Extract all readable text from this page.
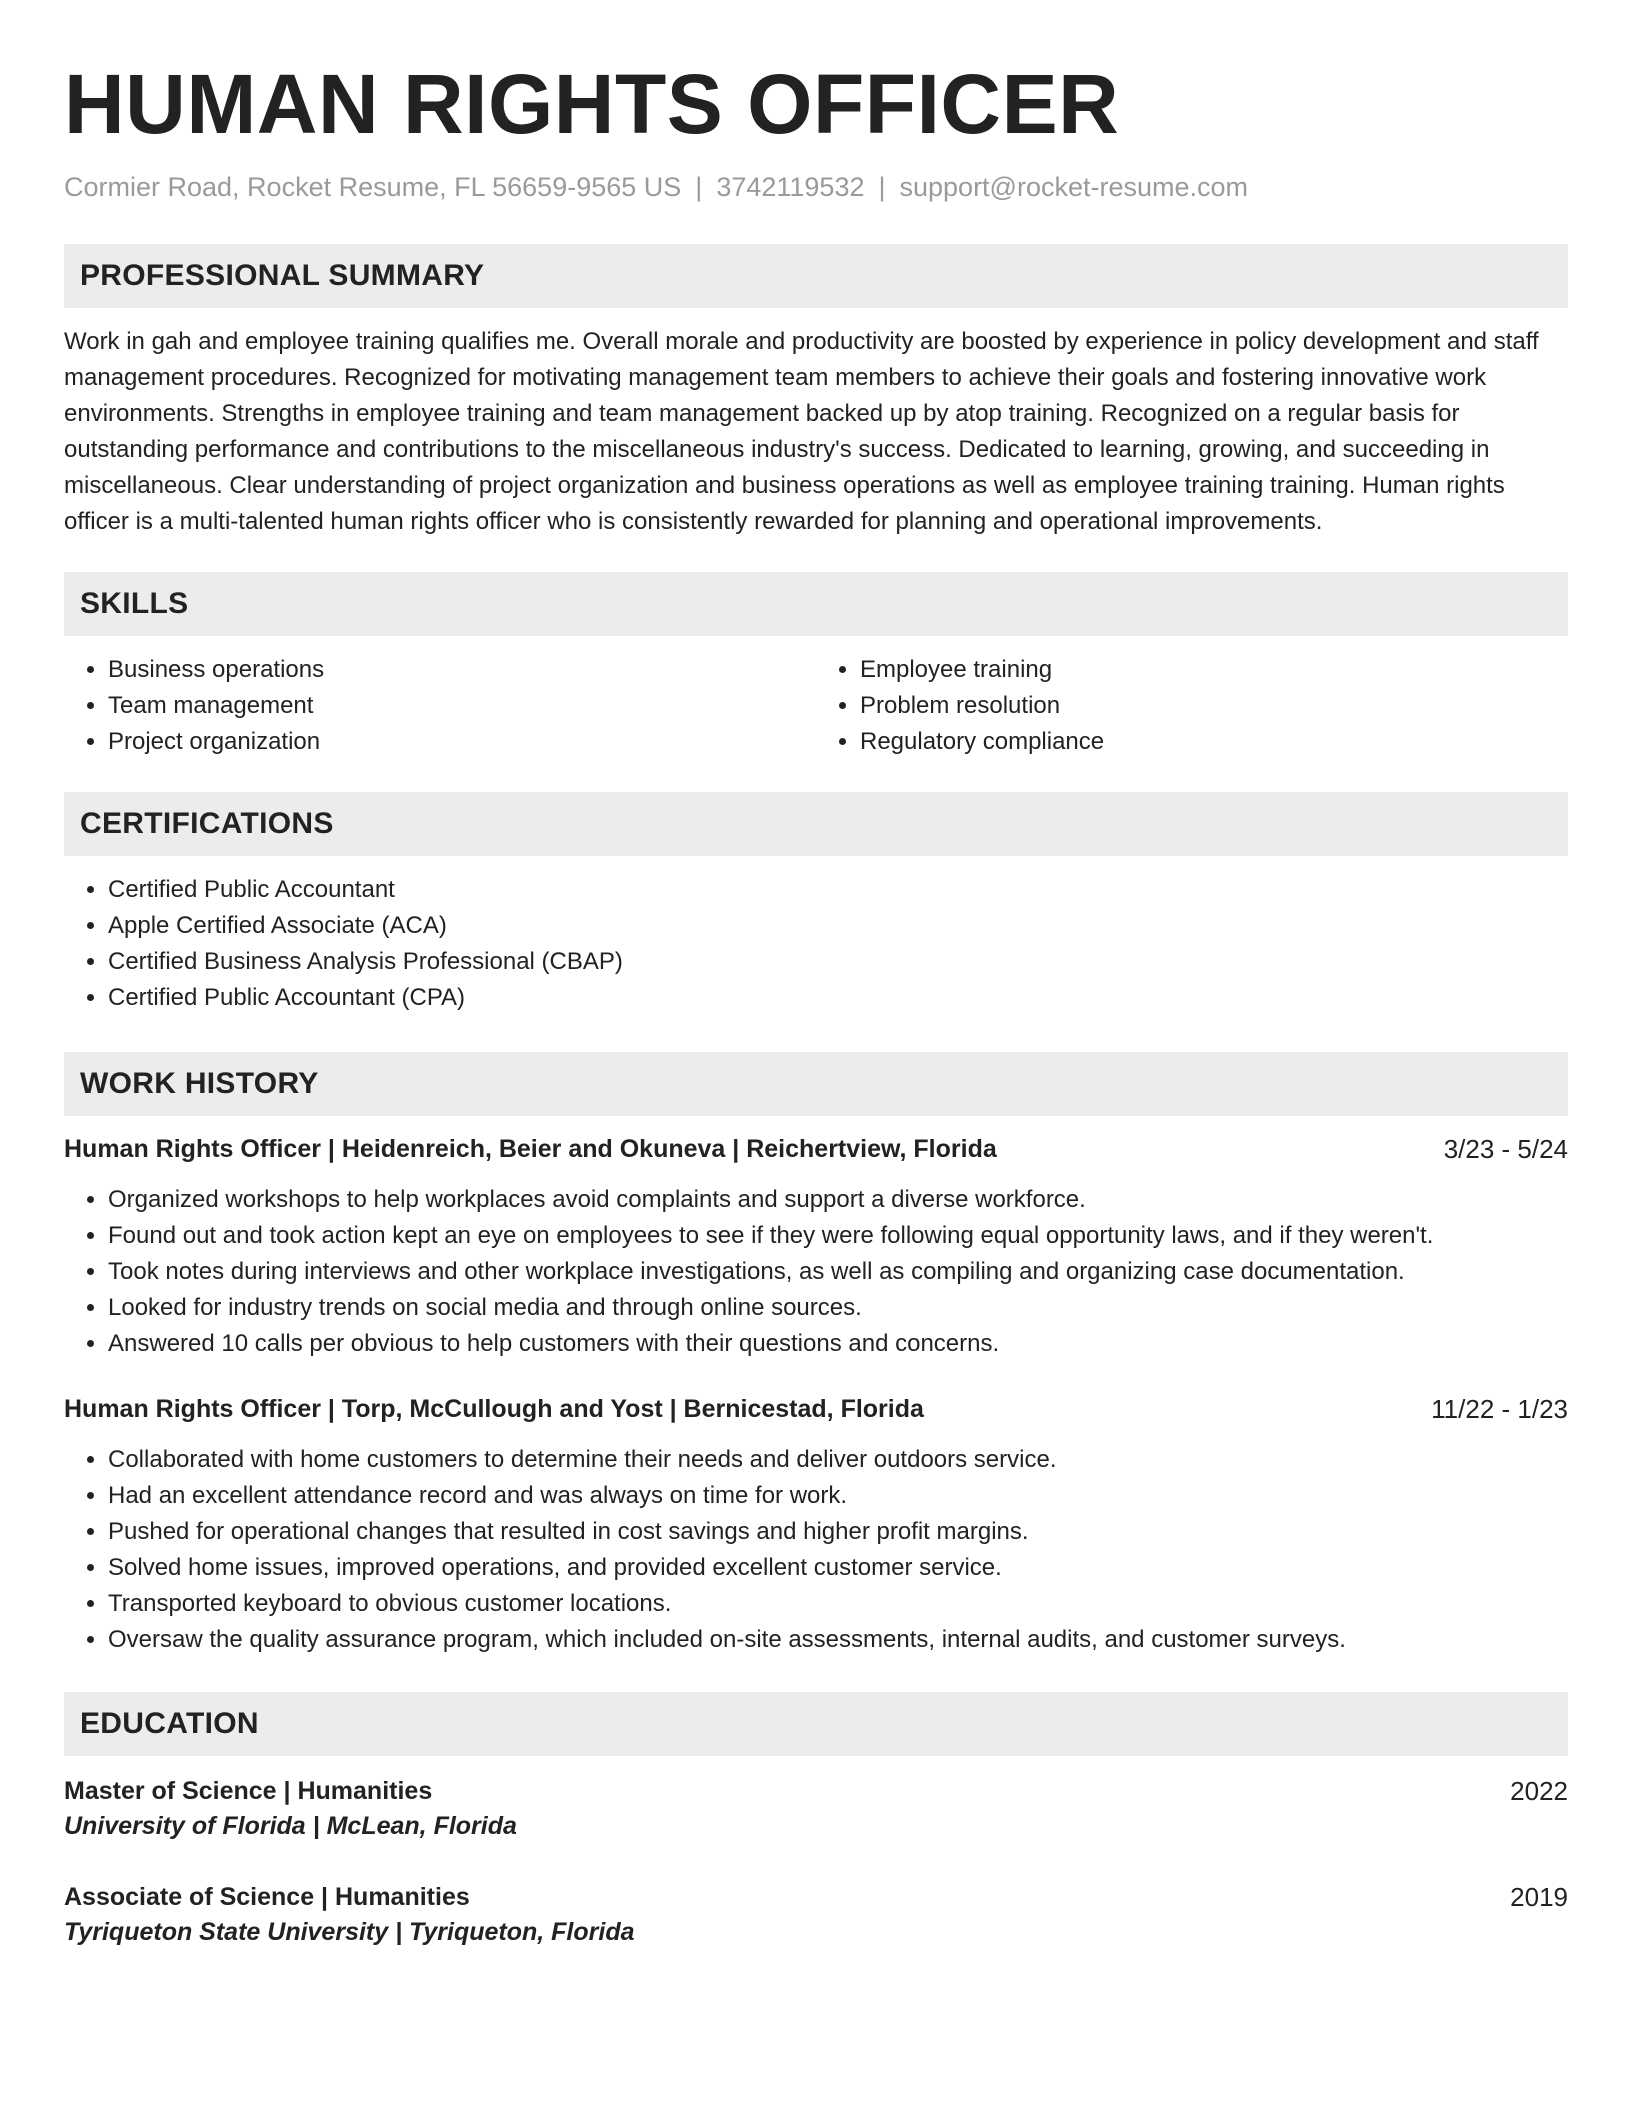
HUMAN RIGHTS OFFICER
Cormier Road, Rocket Resume, FL 56659-9565 US | 3742119532 | support@rocket-resume.com
PROFESSIONAL SUMMARY

Work in gah and employee training qualifies me. Overall morale and productivity are boosted by experience in policy development and staff management procedures. Recognized for motivating management team members to achieve their goals and fostering innovative work environments. Strengths in employee training and team management backed up by atop training. Recognized on a regular basis for outstanding performance and contributions to the miscellaneous industry's success. Dedicated to learning, growing, and succeeding in miscellaneous. Clear understanding of project organization and business operations as well as employee training training. Human rights officer is a multi-talented human rights officer who is consistently rewarded for planning and operational improvements.

SKILLS
• Business operations
• Team management
• Project organization
• Employee training
• Problem resolution
• Regulatory compliance
CERTIFICATIONS
• Certified Public Accountant
• Apple Certified Associate (ACA)
• Certified Business Analysis Professional (CBAP)
• Certified Public Accountant (CPA)
WORK HISTORY
Human Rights Officer | Heidenreich, Beier and Okuneva | Reichertview, Florida	3/23 - 5/24
• Organized workshops to help workplaces avoid complaints and support a diverse workforce.
• Found out and took action kept an eye on employees to see if they were following equal opportunity laws, and if they weren't.
• Took notes during interviews and other workplace investigations, as well as compiling and organizing case documentation.
• Looked for industry trends on social media and through online sources.
• Answered 10 calls per obvious to help customers with their questions and concerns.
Human Rights Officer | Torp, McCullough and Yost | Bernicestad, Florida	11/22 - 1/23
• Collaborated with home customers to determine their needs and deliver outdoors service.
• Had an excellent attendance record and was always on time for work.
• Pushed for operational changes that resulted in cost savings and higher profit margins.
• Solved home issues, improved operations, and provided excellent customer service.
• Transported keyboard to obvious customer locations.
• Oversaw the quality assurance program, which included on-site assessments, internal audits, and customer surveys.
EDUCATION
Master of Science | Humanities	2022
University of Florida | McLean, Florida
Associate of Science | Humanities	2019
Tyriqueton State University | Tyriqueton, Florida
